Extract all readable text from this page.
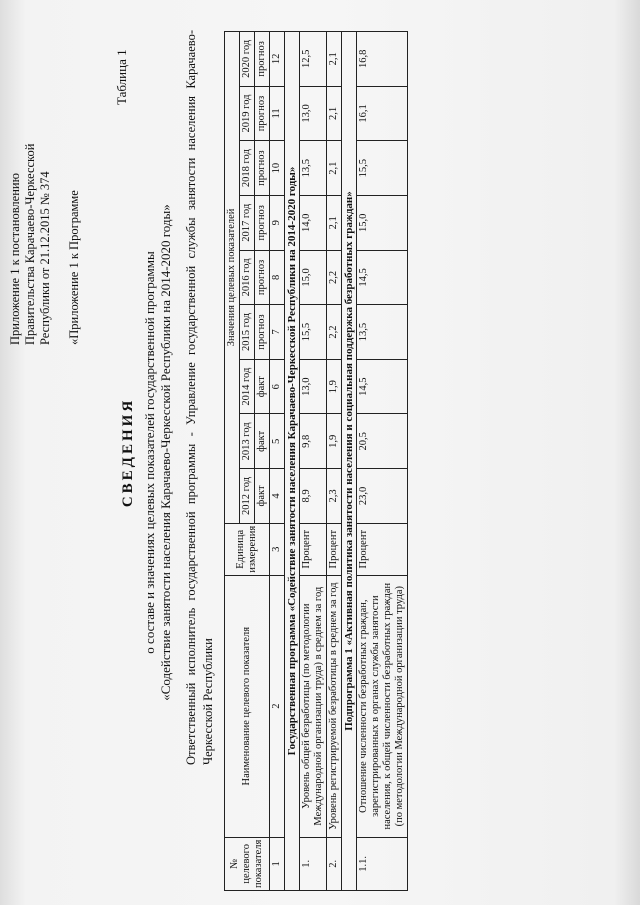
Приложение 1 к постановлению Правительства Карачаево-Черкесской Республики от 21.12.2015 № 374 «Приложение 1 к Программе
Таблица 1
СВЕДЕНИЯ о составе и значениях целевых показателей государственной программы «Содействие занятости населения Карачаево-Черкесской Республики на 2014-2020 годы» Ответственный исполнитель государственной программы - Управление государственной службы занятости населения Карачаево-Черкесской Республики
№ целевого показателя	Наименование целевого показателя	Единица измерения	Значения целевых показателей								
			2012 год	2013 год	2014 год	2015 год	2016 год	2017 год	2018 год	2019 год	2020 год
			факт	факт	факт	прогноз	прогноз	прогноз	прогноз	прогноз	прогноз
1	2	3	4	5	6	7	8	9	10	11	12
Государственная программа «Содействие занятости населения Карачаево-Черкесской Республики на 2014-2020 годы»											
1.	Уровень общей безработицы (по методологии Международной организации труда) в среднем за год	Процент	8,9	9,8	13,0	15,5	15,0	14,0	13,5	13,0	12,5
2.	Уровень регистрируемой безработицы в среднем за год	Процент	2,3	1,9	1,9	2,2	2,2	2,1	2,1	2,1	2,1
Подпрограмма 1 «Активная политика занятости населения и социальная поддержка безработных граждан»											
1.1.	Отношение численности безработных граждан, зарегистрированных в органах службы занятости населения, к общей численности безработных граждан (по методологии Международной организации труда)	Процент	23,0	20,5	14,5	13,5	14,5	15,0	15,5	16,1	16,8
